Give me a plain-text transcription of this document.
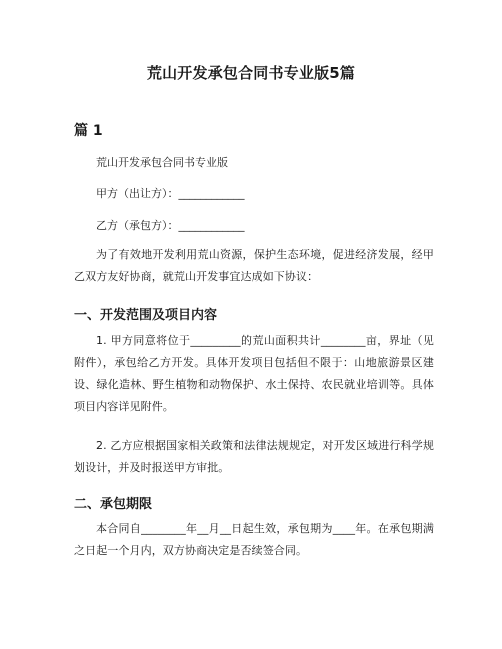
荒山开发承包合同书专业版5篇
篇 1
荒山开发承包合同书专业版
甲方（出让方）：____________
乙方（承包方）：____________

为了有效地开发利用荒山资源，保护生态环境，促进经济发展，经甲乙双方友好协商，就荒山开发事宜达成如下协议：

一、开发范围及项目内容

1. 甲方同意将位于_________的荒山面积共计________亩，界址（见附件），承包给乙方开发。具体开发项目包括但不限于：山地旅游景区建设、绿化造林、野生植物和动物保护、水土保持、农民就业培训等。具体项目内容详见附件。

2. 乙方应根据国家相关政策和法律法规规定，对开发区域进行科学规划设计，并及时报送甲方审批。

二、承包期限

本合同自________年__月__日起生效，承包期为____年。在承包期满之日起一个月内，双方协商决定是否续签合同。
